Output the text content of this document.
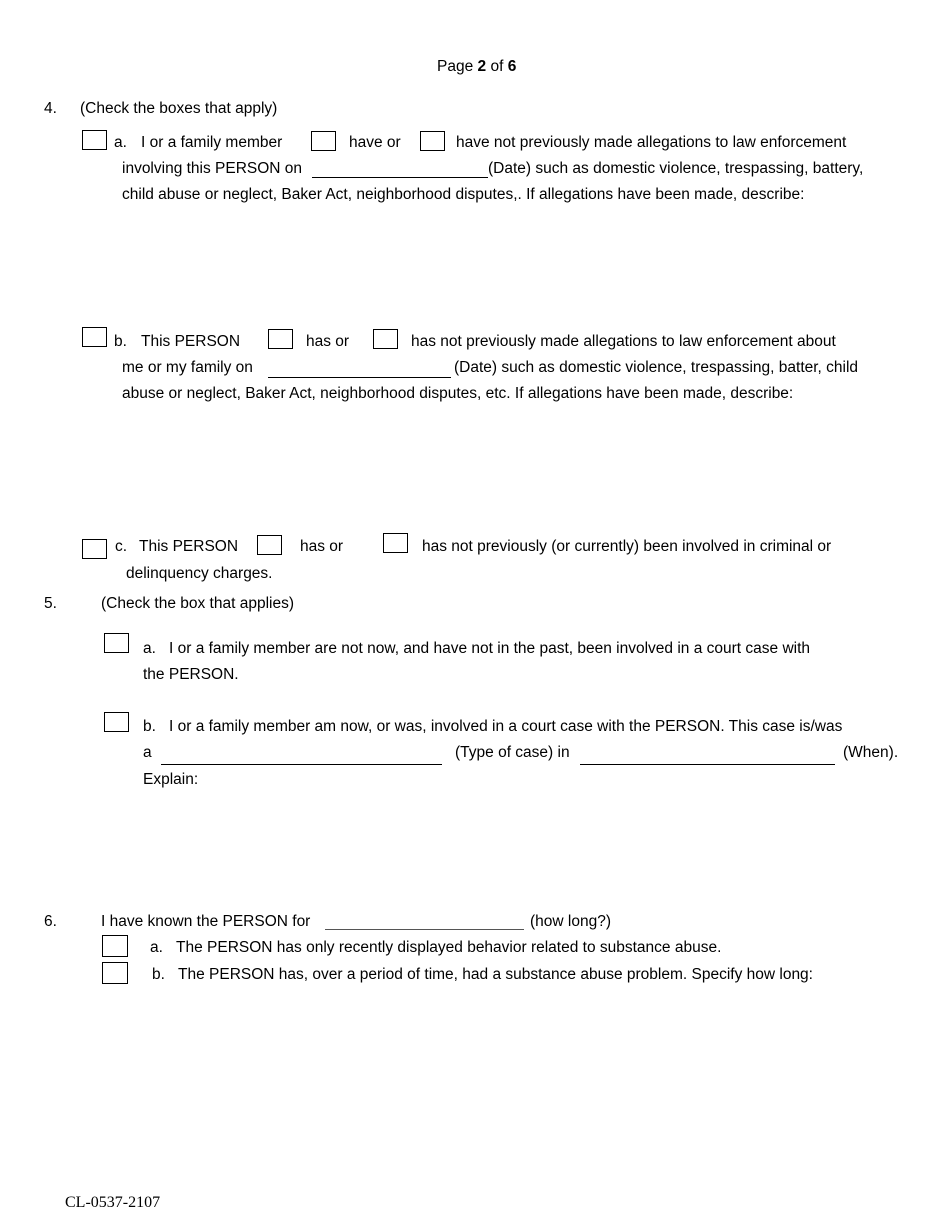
Page 2 of 6
4. (Check the boxes that apply)
a. I or a family member	have or	have not previously made allegations to law enforcement
involving this PERSON on	(Date) such as domestic violence, trespassing, battery,
child abuse or neglect, Baker Act, neighborhood disputes,. If allegations have been made, describe:
b. This PERSON	has or	has not previously made allegations to law enforcement about
me or my family on	(Date) such as domestic violence, trespassing, batter, child
abuse or neglect, Baker Act, neighborhood disputes, etc. If allegations have been made, describe:
c. This PERSON	has or	has not previously (or currently) been involved in criminal or
delinquency charges.
5.	(Check the box that applies)
a. I or a family member are not now, and have not in the past, been involved in a court case with
the PERSON.
b. I or a family member am now, or was, involved in a court case with the PERSON. This case is/was
a	(Type of case) in	(When).
Explain:
6.	I have known the PERSON for	(how long?)
a. The PERSON has only recently displayed behavior related to substance abuse.
b. The PERSON has, over a period of time, had a substance abuse problem. Specify how long:
CL-0537-2107
